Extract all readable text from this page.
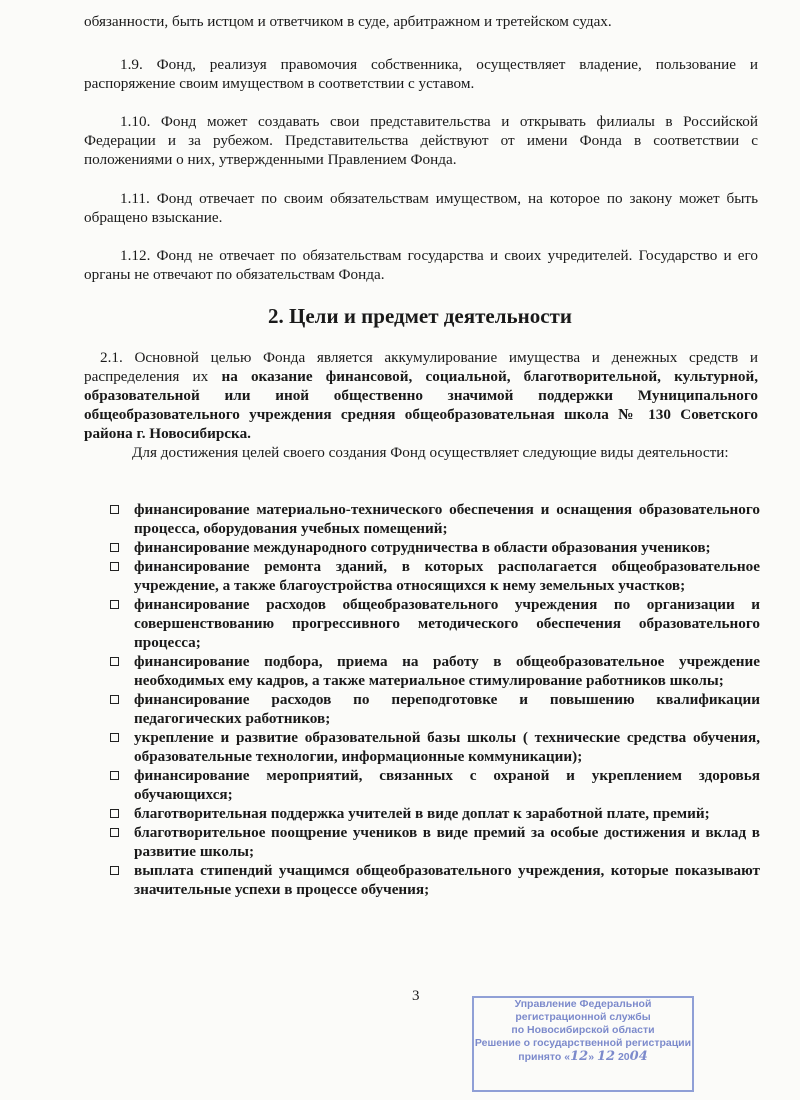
обязанности, быть истцом и ответчиком в суде, арбитражном и третейском судах.

1.9. Фонд, реализуя правомочия собственника, осуществляет владение, пользование и распоряжение своим имуществом в соответствии с уставом.

1.10. Фонд может создавать свои представительства и открывать филиалы в Российской Федерации и за рубежом. Представительства действуют от имени Фонда в соответствии с положениями о них, утвержденными Правлением Фонда.

1.11. Фонд отвечает по своим обязательствам имуществом, на которое по закону может быть обращено взыскание.

1.12. Фонд не отвечает по обязательствам государства и своих учредителей. Государство и его органы не отвечают по обязательствам Фонда.

2. Цели и предмет деятельности

2.1. Основной целью Фонда является аккумулирование имущества и денежных средств и распределения их на оказание финансовой, социальной, благотворительной, культурной, образовательной или иной общественно значимой поддержки Муниципального общеобразовательного учреждения средняя общеобразовательная школа № 130 Советского района г. Новосибирска.

Для достижения целей своего создания Фонд осуществляет следующие виды деятельности:

финансирование материально-технического обеспечения и оснащения образовательного процесса, оборудования учебных помещений;
финансирование международного сотрудничества в области образования учеников;
финансирование ремонта зданий, в которых располагается общеобразовательное учреждение, а также благоустройства относящихся к нему земельных участков;
финансирование расходов общеобразовательного учреждения по организации и совершенствованию прогрессивного методического обеспечения образовательного процесса;
финансирование подбора, приема на работу в общеобразовательное учреждение необходимых ему кадров, а также материальное стимулирование работников школы;
финансирование расходов по переподготовке и повышению квалификации педагогических работников;
укрепление и развитие образовательной базы школы ( технические средства обучения, образовательные технологии, информационные коммуникации);
финансирование мероприятий, связанных с охраной и укреплением здоровья обучающихся;
благотворительная поддержка учителей в виде доплат к заработной плате, премий;
благотворительное поощрение учеников в виде премий за особые достижения и вклад в развитие школы;
выплата стипендий учащимся общеобразовательного учреждения, которые показывают значительные успехи в процессе обучения;
3	Управление Федеральной
регистрационной службы
по Новосибирской области
Решение о государственной регистрации
принято «12» 12 2004
